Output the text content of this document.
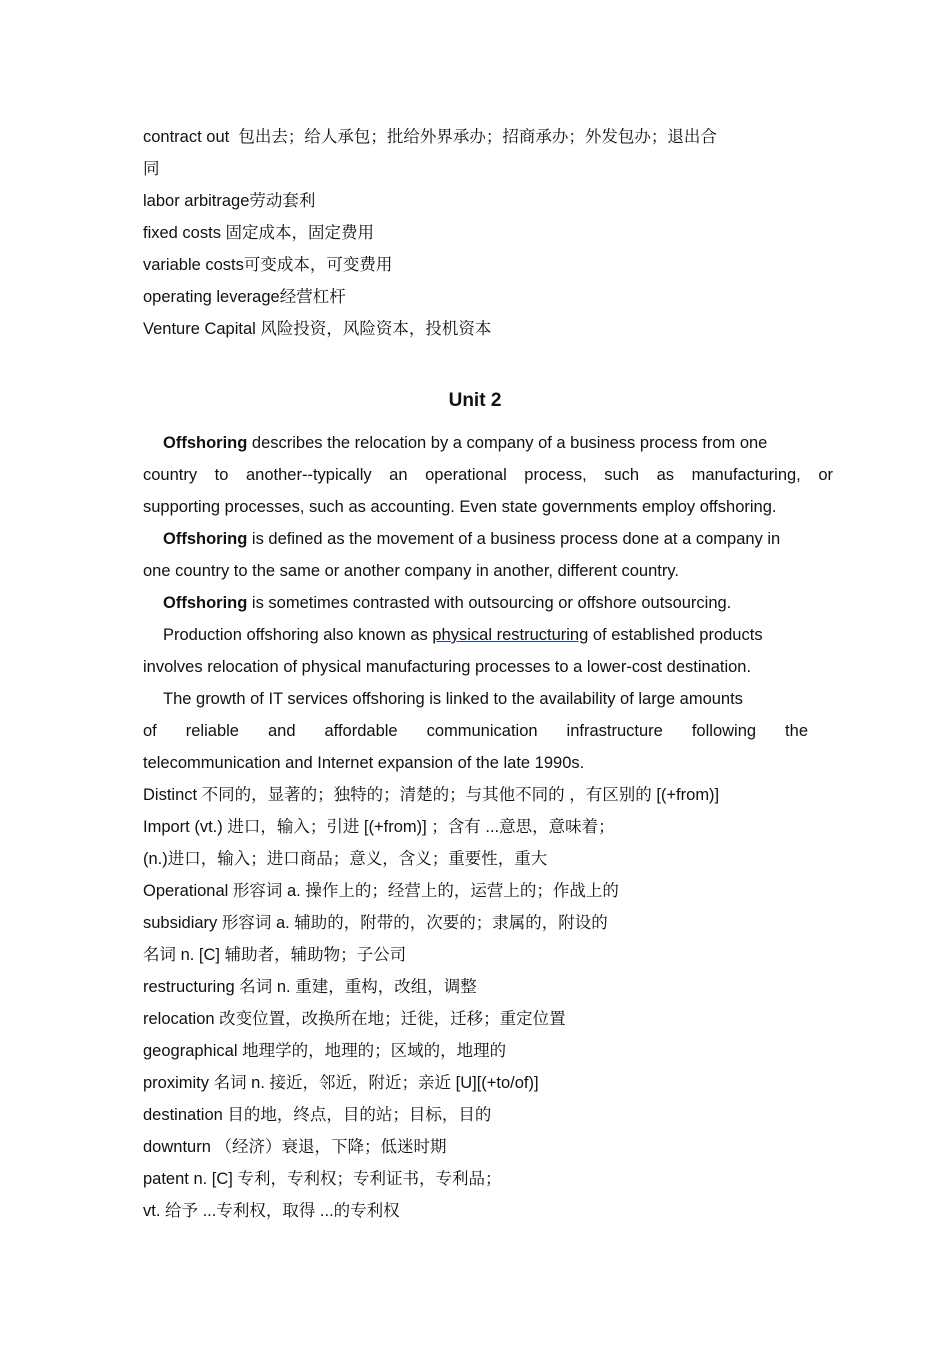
contract out 包出去；给人承包；批给外界承办；招商承办；外发包办；退出合
同
labor arbitrage劳动套利
fixed costs 固定成本，固定费用
variable costs可变成本，可变费用
operating leverage经营杠杆
Venture Capital 风险投资，风险资本，投机资本
Unit 2
Offshoring describes the relocation by a company of a business process from one
country to another--typically an operational process, such as manufacturing, or
supporting processes, such as accounting. Even state governments employ offshoring.
Offshoring is defined as the movement of a business process done at a company in
one country to the same or another company in another, different country.
Offshoring is sometimes contrasted with outsourcing or offshore outsourcing.
Production offshoring also known as physical restructuring of established products
involves relocation of physical manufacturing processes to a lower-cost destination.
The growth of IT services offshoring is linked to the availability of large amounts
of reliable and affordable communication infrastructure following the
telecommunication and Internet expansion of the late 1990s.
Distinct 不同的，显著的；独特的；清楚的；与其他不同的 ，有区别的 [(+from)]
Import (vt.) 进口，输入；引进 [(+from)] ；含有 ...意思，意味着；
(n.)进口，输入；进口商品；意义，含义；重要性，重大
Operational 形容词 a. 操作上的；经营上的，运营上的；作战上的
subsidiary 形容词 a. 辅助的，附带的，次要的；隶属的，附设的
名词 n. [C] 辅助者，辅助物；子公司
restructuring 名词 n. 重建，重构，改组，调整
relocation 改变位置，改换所在地；迁徙，迁移；重定位置
geographical 地理学的，地理的；区域的，地理的
proximity 名词 n. 接近，邻近，附近；亲近 [U][(+to/of)]
destination 目的地，终点，目的站；目标，目的
downturn （经济）衰退，下降；低迷时期
patent n. [C] 专利，专利权；专利证书，专利品；
vt. 给予 ...专利权，取得 ...的专利权
